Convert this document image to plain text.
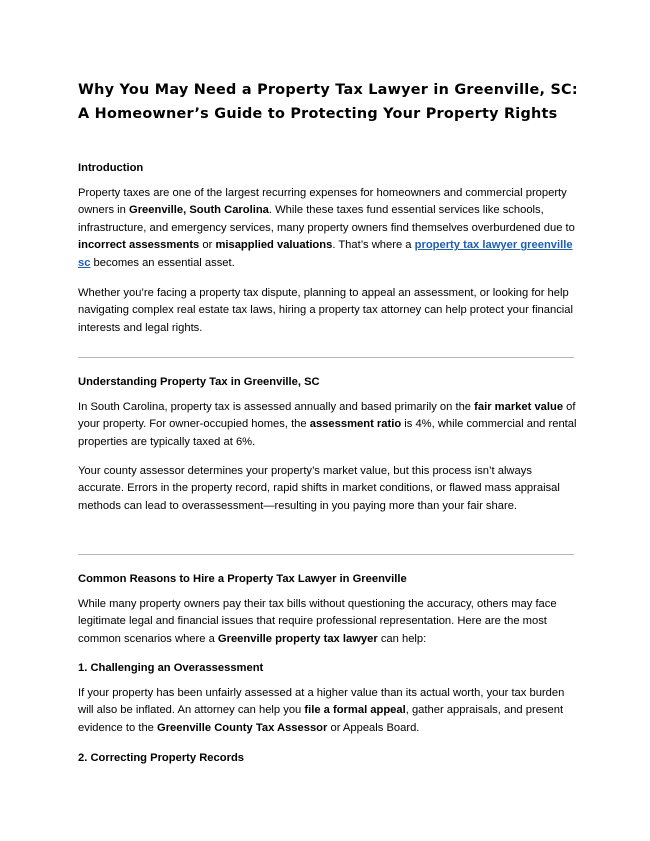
Why You May Need a Property Tax Lawyer in Greenville, SC:
A Homeowner’s Guide to Protecting Your Property Rights
Introduction

Property taxes are one of the largest recurring expenses for homeowners and commercial property owners in Greenville, South Carolina. While these taxes fund essential services like schools, infrastructure, and emergency services, many property owners find themselves overburdened due to incorrect assessments or misapplied valuations. That’s where a property tax lawyer greenville sc becomes an essential asset.

Whether you’re facing a property tax dispute, planning to appeal an assessment, or looking for help navigating complex real estate tax laws, hiring a property tax attorney can help protect your financial interests and legal rights.

Understanding Property Tax in Greenville, SC

In South Carolina, property tax is assessed annually and based primarily on the fair market value of your property. For owner-occupied homes, the assessment ratio is 4%, while commercial and rental properties are typically taxed at 6%.

Your county assessor determines your property’s market value, but this process isn’t always accurate. Errors in the property record, rapid shifts in market conditions, or flawed mass appraisal methods can lead to overassessment—resulting in you paying more than your fair share.

Common Reasons to Hire a Property Tax Lawyer in Greenville

While many property owners pay their tax bills without questioning the accuracy, others may face legitimate legal and financial issues that require professional representation. Here are the most common scenarios where a Greenville property tax lawyer can help:

1. Challenging an Overassessment

If your property has been unfairly assessed at a higher value than its actual worth, your tax burden will also be inflated. An attorney can help you file a formal appeal, gather appraisals, and present evidence to the Greenville County Tax Assessor or Appeals Board.

2. Correcting Property Records
